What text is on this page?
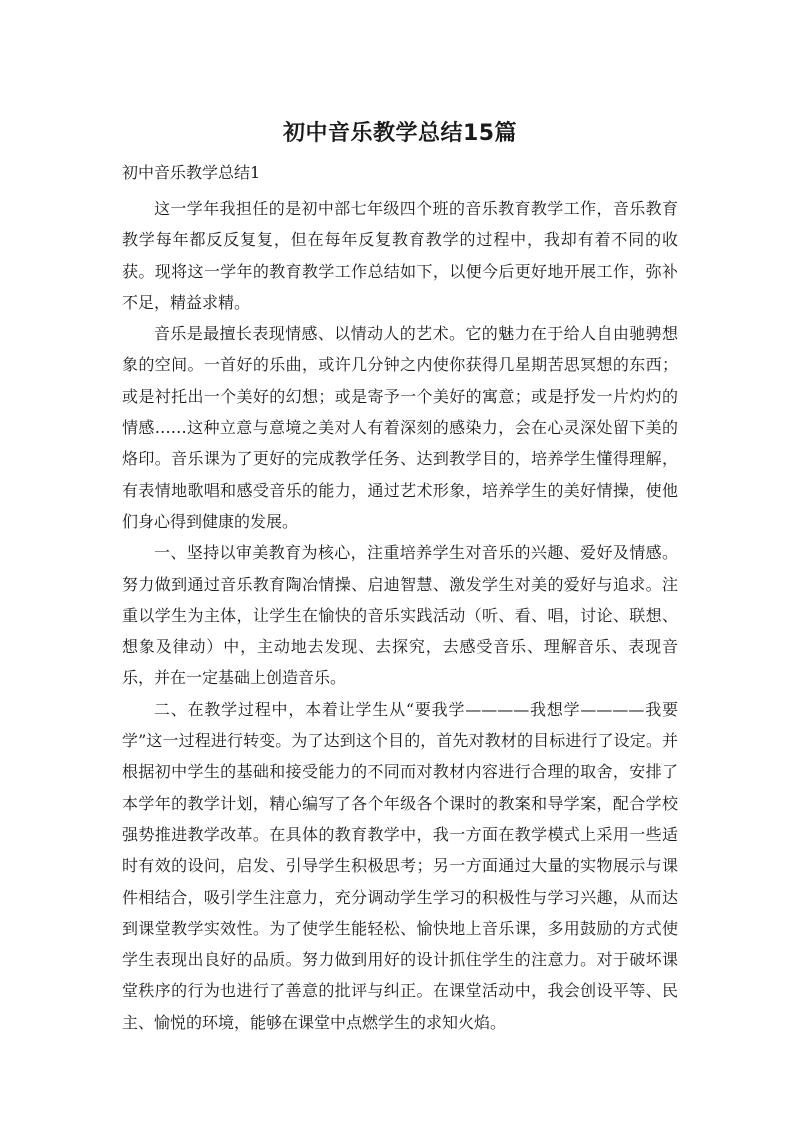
初中音乐教学总结15篇
初中音乐教学总结1

这一学年我担任的是初中部七年级四个班的音乐教育教学工作，音乐教育教学每年都反反复复，但在每年反复教育教学的过程中，我却有着不同的收获。现将这一学年的教育教学工作总结如下，以便今后更好地开展工作，弥补不足，精益求精。

音乐是最擅长表现情感、以情动人的艺术。它的魅力在于给人自由驰骋想象的空间。一首好的乐曲，或许几分钟之内使你获得几星期苦思冥想的东西；或是衬托出一个美好的幻想；或是寄予一个美好的寓意；或是抒发一片灼灼的情感……这种立意与意境之美对人有着深刻的感染力，会在心灵深处留下美的烙印。音乐课为了更好的完成教学任务、达到教学目的，培养学生懂得理解，有表情地歌唱和感受音乐的能力，通过艺术形象，培养学生的美好情操，使他们身心得到健康的发展。

一、坚持以审美教育为核心，注重培养学生对音乐的兴趣、爱好及情感。努力做到通过音乐教育陶冶情操、启迪智慧、激发学生对美的爱好与追求。注重以学生为主体，让学生在愉快的音乐实践活动（听、看、唱，讨论、联想、想象及律动）中，主动地去发现、去探究，去感受音乐、理解音乐、表现音乐，并在一定基础上创造音乐。

二、在教学过程中，本着让学生从“要我学————我想学————我要学”这一过程进行转变。为了达到这个目的，首先对教材的目标进行了设定。并根据初中学生的基础和接受能力的不同而对教材内容进行合理的取舍，安排了本学年的教学计划，精心编写了各个年级各个课时的教案和导学案，配合学校强势推进教学改革。在具体的教育教学中，我一方面在教学模式上采用一些适时有效的设问，启发、引导学生积极思考；另一方面通过大量的实物展示与课件相结合，吸引学生注意力，充分调动学生学习的积极性与学习兴趣，从而达到课堂教学实效性。为了使学生能轻松、愉快地上音乐课，多用鼓励的方式使学生表现出良好的品质。努力做到用好的设计抓住学生的注意力。对于破坏课堂秩序的行为也进行了善意的批评与纠正。在课堂活动中，我会创设平等、民主、愉悦的环境，能够在课堂中点燃学生的求知火焰。
